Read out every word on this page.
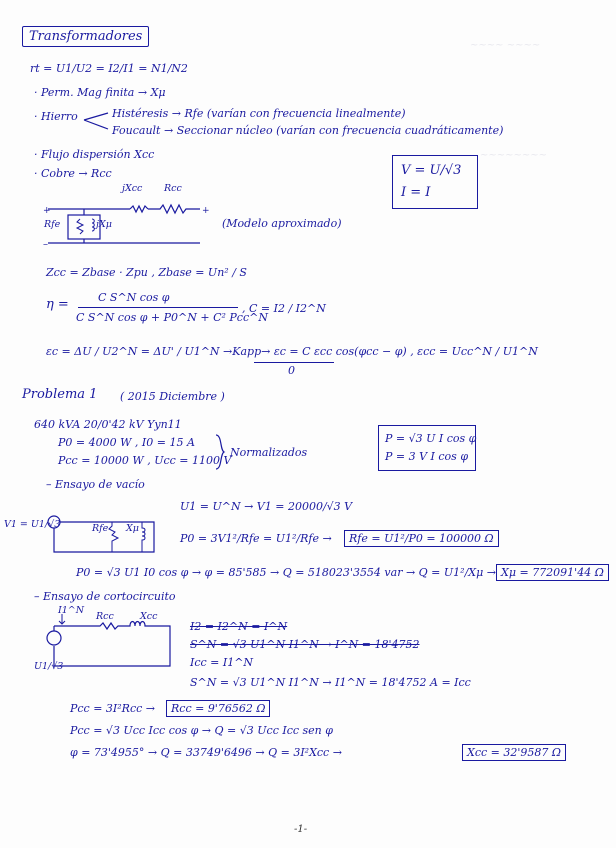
~~~~ ~~~~
~~~~~~~~
Transformadores
rt = U1/U2 = I2/I1 = N1/N2
· Perm. Mag finita → Xμ
· Hierro	Histéresis → Rfe (varían con frecuencia linealmente)
Foucault → Seccionar núcleo (varían con frecuencia cuadráticamente)
· Flujo dispersión Xcc
· Cobre → Rcc
+
–
+
jXcc Rcc
Rfe	jXμ	(Modelo aproximado)
V = U/√3
I = I
Zcc = Zbase · Zpu , Zbase = Un² / S
η =	C S^N cos φ
C S^N cos φ + P0^N + C² Pcc^N
, C = I2 / I2^N
εc = ΔU / U2^N = ΔU' / U1^N →Kapp→ εc = C εcc cos(φcc − φ) , εcc = Ucc^N / U1^N
0
Problema 1 ( 2015 Diciembre )
640 kVA 20/0'42 kV Yyn11
P0 = 4000 W , I0 = 15 A
Pcc = 10000 W , Ucc = 1100 V
Normalizados
P = √3 U I cos φ
P = 3 V I cos φ
– Ensayo de vacío
U1 = U^N → V1 = 20000/√3 V
V1 = U1/√3	Rfe Xμ
P0 = 3V1²/Rfe = U1²/Rfe →	Rfe = U1²/P0 = 100000 Ω
P0 = √3 U1 I0 cos φ → φ = 85'585 → Q = 518023'3554 var → Q = U1²/Xμ → Xμ = 772091'44 Ω
– Ensayo de cortocircuito
I1^N
Rcc	Xcc
U1/√3
I2 = I2^N = I^N
S^N = √3 U1^N I1^N → I^N = 18'4752
Icc = I1^N
S^N = √3 U1^N I1^N → I1^N = 18'4752 A = Icc
Pcc = 3I²Rcc →	Rcc = 9'76562 Ω
Pcc = √3 Ucc Icc cos φ → Q = √3 Ucc Icc sen φ
φ = 73'4955° → Q = 33749'6496 → Q = 3I²Xcc →	Xcc = 32'9587 Ω
-1-
